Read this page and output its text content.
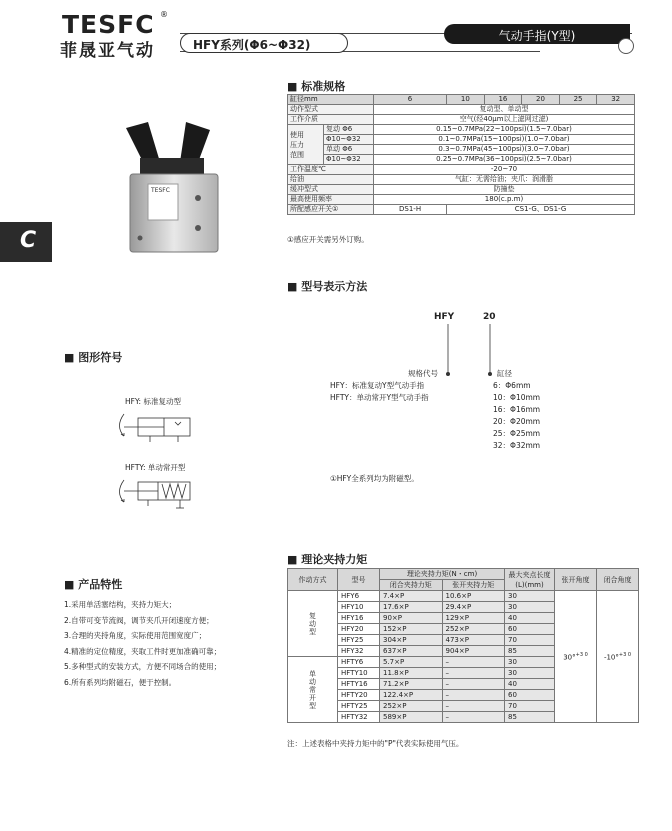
TESFC ®
菲晟亚气动	HFY系列(Φ6~Φ32)
气动手指(Y型)
C
TESFC
■ 标准规格
缸径mm		6	10	16	20	25	32
动作型式		复动型、单动型					
工作介质		空气(经40μm以上滤网过滤)					

使用
压力
范围	复动 Φ6	0.15~0.7MPa(22~100psi)(1.5~7.0bar)					
	Φ10~Φ32	0.1~0.7MPa(15~100psi)(1.0~7.0bar)					
	单动 Φ6	0.3~0.7MPa(45~100psi)(3.0~7.0bar)					
	Φ10~Φ32	0.25~0.7MPa(36~100psi)(2.5~7.0bar)					
工作温度℃		-20~70					
给油		气缸：无需给油；夹爪：润滑脂					
缓冲型式		防撞垫					
最高使用频率		180(c.p.m)					
所配感应开关①		DS1-H	CS1-G、DS1-G				
①感应开关需另外订购。
■ 型号表示方法
HFY	20
规格代号
HFY：标准复动Y型气动手指
HFTY：单动常开Y型气动手指
缸径
6：Φ6mm
10：Φ10mm
16：Φ16mm
20：Φ20mm
25：Φ25mm
32：Φ32mm
①HFY全系列均为附磁型。
■ 图形符号
HFY: 标准复动型
HFTY: 单动常开型
■ 产品特性
1.采用单活塞结构，夹持力矩大；
2.自带可变节流阀，调节夹爪开闭速度方便；
3.合理的夹持角度，实际使用范围宽度广；
4.精准的定位精度，夹取工件时更加准确可靠；
5.多种型式的安装方式，方便不同场合的使用；
6.所有系列均附磁石，便于控制。
■ 理论夹持力矩
作动方式	型号	理论夹持力矩(N・cm)		最大夹点长度(L)(mm)	张开角度	闭合角度
		闭合夹持力矩	张开夹持力矩			
复动型	HFY6	7.4×P	10.6×P	30	30°$^{+3 0}$	-10°$^{+3 0}$
	HFY10	17.6×P	29.4×P	30		
	HFY16	90×P	129×P	40		
	HFY20	152×P	252×P	60		
	HFY25	304×P	473×P	70		
	HFY32	637×P	904×P	85		
单动常开型	HFTY6	5.7×P	–	30		
	HFTY10	11.8×P	–	30		
	HFTY16	71.2×P	–	40		
	HFTY20	122.4×P	–	60		
	HFTY25	252×P	–	70		
	HFTY32	589×P	–	85		
注：上述表格中夹持力矩中的"P"代表实际使用气压。
